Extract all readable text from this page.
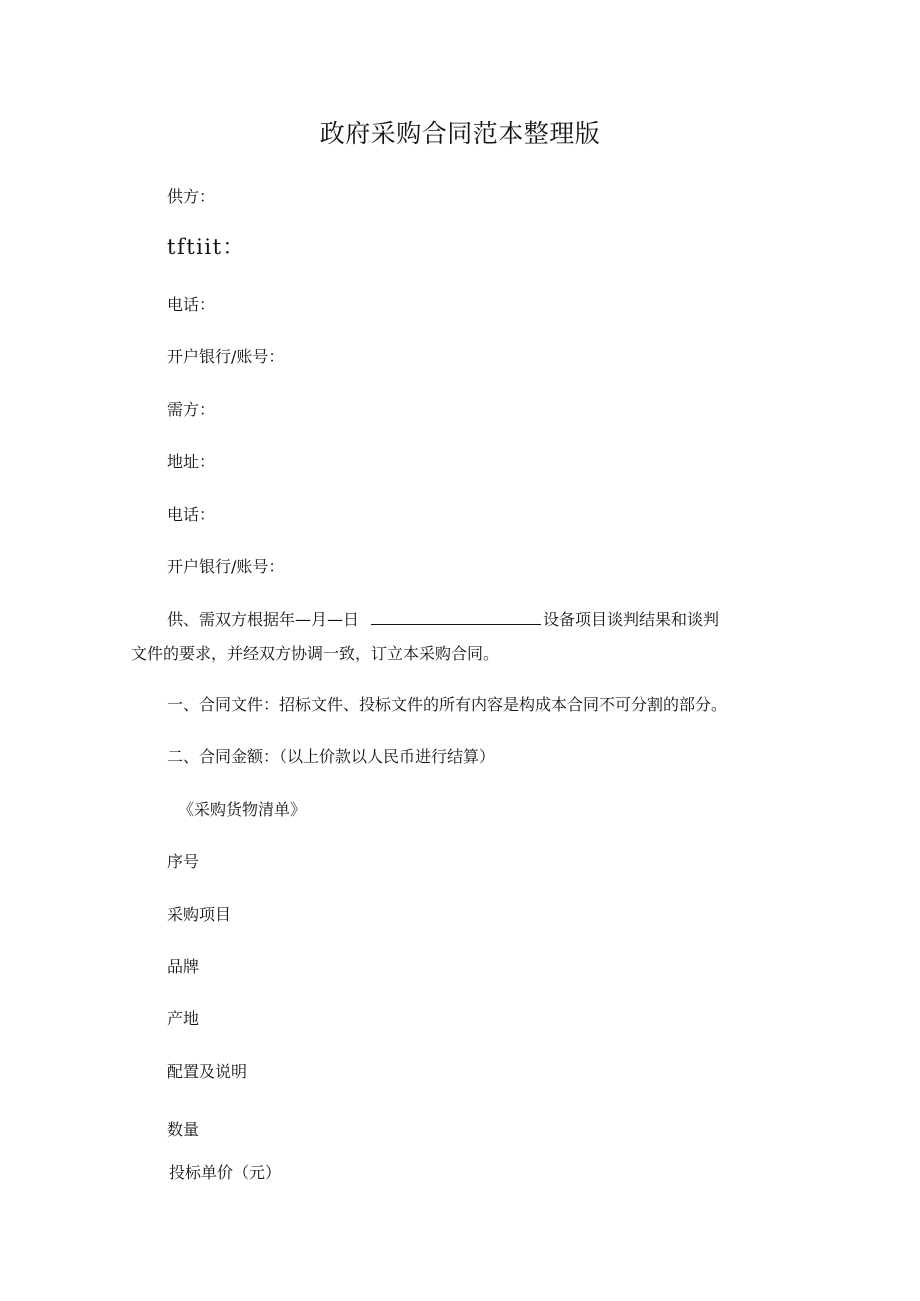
政府采购合同范本整理版
供方：
tftiit：
电话：
开户银行/账号：
需方：
地址：
电话：
开户银行/账号：
供、需双方根据年—月—日	设备项目谈判结果和谈判
文件的要求，并经双方协调一致，订立本采购合同。
一、合同文件：招标文件、投标文件的所有内容是构成本合同不可分割的部分。
二、合同金额：（以上价款以人民币进行结算）
《采购货物清单》
序号
采购项目
品牌
产地
配置及说明
数量
投标单价（元）
